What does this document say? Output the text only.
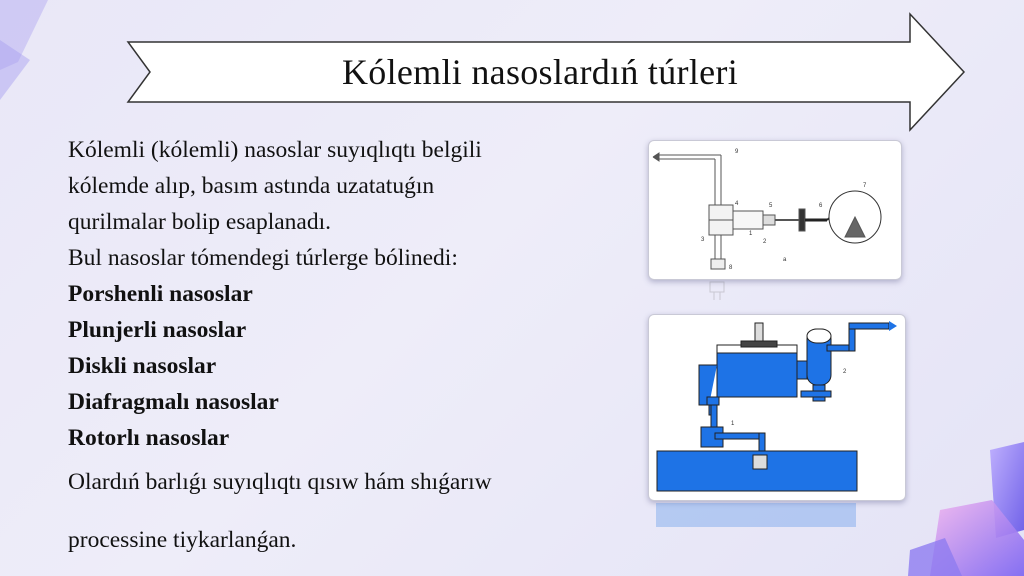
Kólemli nasoslardıń túrleri
Kólemli (kólemli) nasoslar suyıqlıqtı belgili
kólemde alıp, basım astında uzatatuǵın
qurilmalar bolip esaplanadı.
Bul nasoslar tómendegi túrlerge bólinedi:
Porshenli nasoslar
Plunjerli nasoslar
Diskli nasoslar
Diafragmalı nasoslar
Rotorlı nasoslar
Olardıń barlıǵı suyıqlıqtı qısıw hám shıǵarıw
processine tiykarlanǵan.
9
4	5	6
7
3
1
2
8
a
2
1
